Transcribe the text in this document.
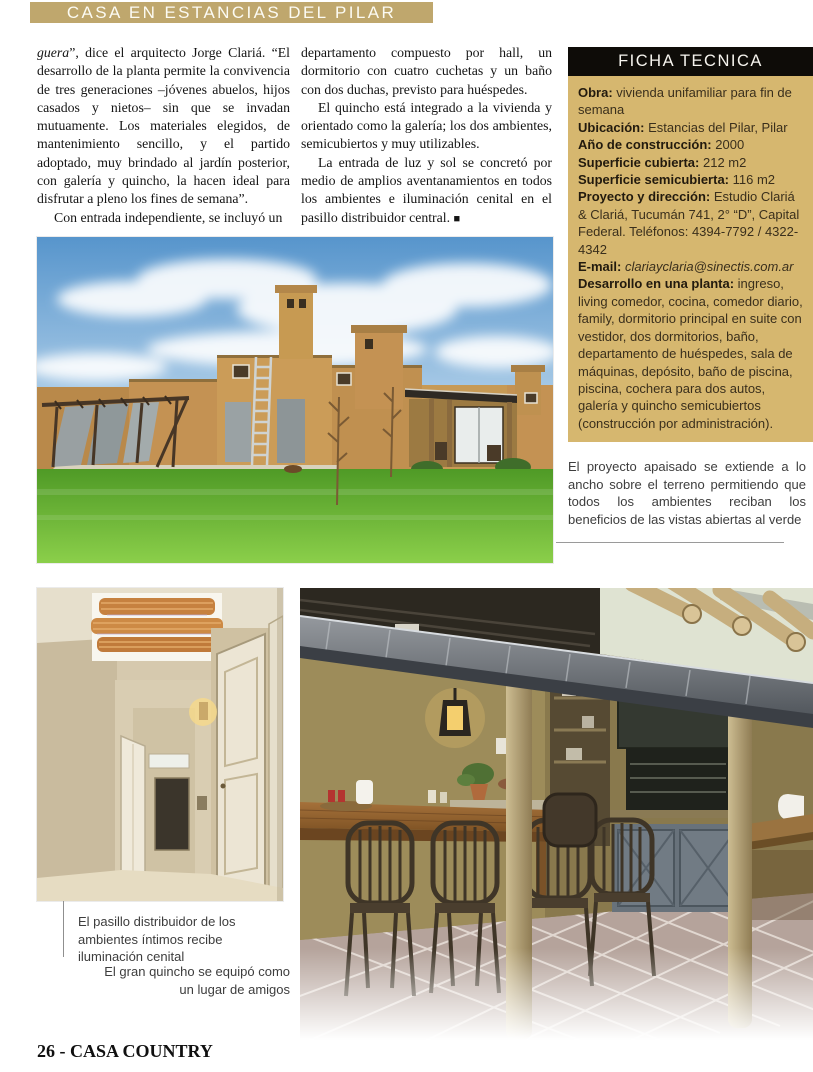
CASA EN ESTANCIAS DEL PILAR

guera”, dice el arquitecto Jorge Clariá. “El desarrollo de la planta permite la convivencia de tres generaciones –jóvenes abuelos, hijos casados y nietos– sin que se invadan mutuamente. Los materiales elegidos, de mantenimiento sencillo, y el partido adoptado, muy brindado al jardín posterior, con galería y quincho, la hacen ideal para disfrutar a pleno los fines de semana”.

Con entrada independiente, se incluyó un

departamento compuesto por hall, un dormitorio con cuatro cuchetas y un baño con dos duchas, previsto para huéspedes.

El quincho está integrado a la vivienda y orientado como la galería; los dos ambientes, semicubiertos y muy utilizables.

La entrada de luz y sol se concretó por medio de amplios aventanamientos en todos los ambientes e iluminación cenital en el pasillo distribuidor central. ■

FICHA TECNICA
Obra: vivienda unifamiliar para fin de semana
Ubicación: Estancias del Pilar, Pilar
Año de construcción: 2000
Superficie cubierta: 212 m2
Superficie semicubierta: 116 m2
Proyecto y dirección: Estudio Clariá & Clariá, Tucumán 741, 2° “D”, Capital Federal. Teléfonos: 4394-7792 / 4322-4342
E-mail: clariayclaria@sinectis.com.ar
Desarrollo en una planta: ingreso, living comedor, cocina, comedor diario, family, dormitorio principal en suite con vestidor, dos dormitorios, baño, departamento de huéspedes, sala de máquinas, depósito, baño de piscina, piscina, cochera para dos autos, galería y quincho semicubiertos (construcción por administración).
El proyecto apaisado se extiende a lo ancho sobre el terreno permitiendo que todos los ambientes reciban los beneficios de las vistas abiertas al verde
El pasillo distribuidor de los ambientes íntimos recibe iluminación cenital
El gran quincho se equipó como un lugar de amigos
26 - CASA COUNTRY
